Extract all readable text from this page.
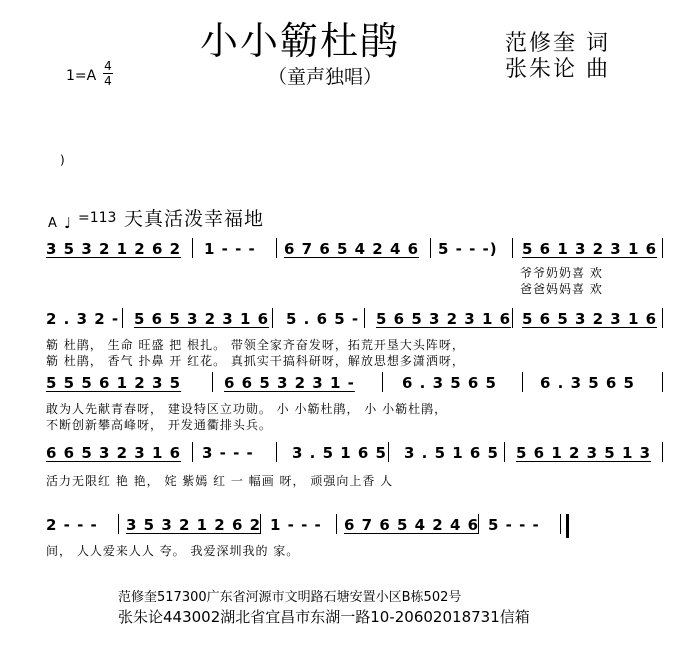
小小簕杜鹃
（童声独唱）
范修奎 词
张朱论 曲
1=A
4
4
)
A ♩ =113 天真活泼幸福地
3 5 3 2 1 2 6 2 1 - - - 6 7 6 5 4 2 4 6 5 - - -) 5 6 1 3 2 3 1 6
爷爷奶奶喜 欢
爸爸妈妈喜 欢
2 . 3 2 - 5 6 5 3 2 3 1 6 5 . 6 5 - 5 6 5 3 2 3 1 6 5 6 5 3 2 3 1 6
簕 杜鹃， 生命 旺盛 把 根扎。 带领全家齐奋发呀，拓荒开垦大头阵呀，
簕 杜鹃， 香气 扑鼻 开 红花。 真抓实干搞科研呀，解放思想多潇洒呀，
5 5 5 6 1 2 3 5	6 6 5 3 2 3 1 -	6 . 3 5 6 5	6 . 3 5 6 5
敢为人先献青春呀， 建设特区立功勋。 小 小簕杜鹃， 小 小簕杜鹃，
不断创新攀高峰呀， 开发通衢排头兵。
6 6 5 3 2 3 1 6 3 - - -	3 . 5 1 6 5 3 . 5 1 6 5 5 6 1 2 3 5 1 3
活力无限红 艳 艳， 姹 紫嫣 红 一 幅画 呀， 顽强向上香 人
2 - - - 3 5 3 2 1 2 6 2 1 - - - 6 7 6 5 4 2 4 6 5 - - -
间， 人人爱来人人 夸。 我爱深圳我的 家。
范修奎517300广东省河源市文明路石塘安置小区B栋502号
张朱论443002湖北省宜昌市东湖一路10-20602018731信箱
